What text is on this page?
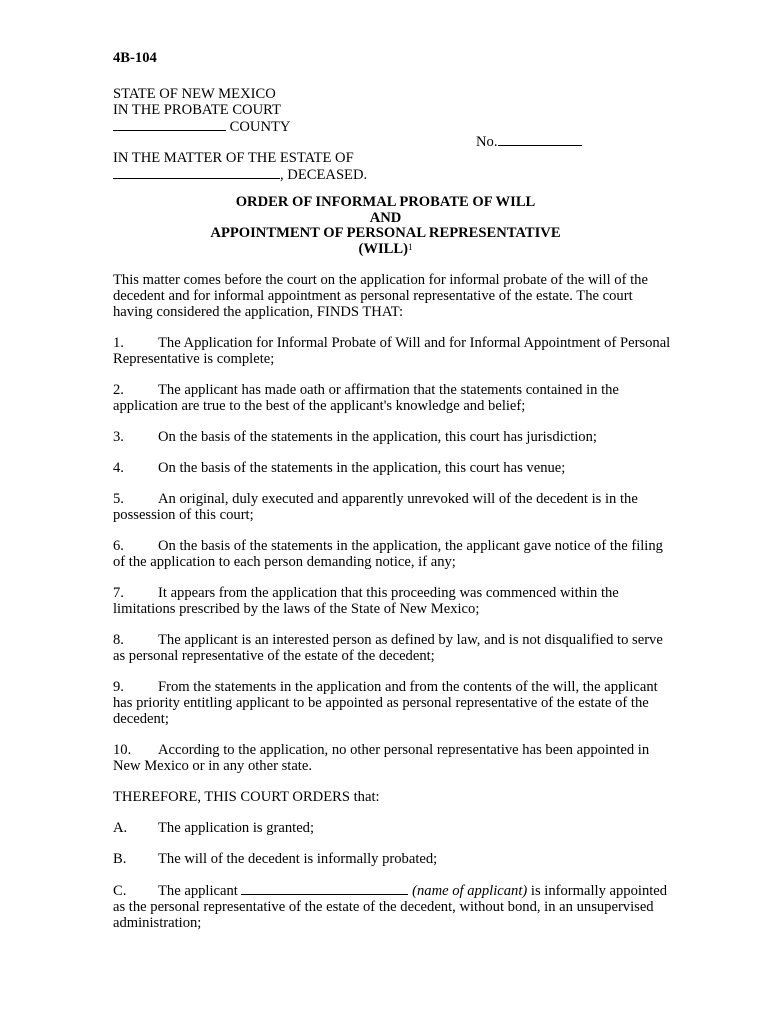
4B-104
STATE OF NEW MEXICO
IN THE PROBATE COURT
COUNTY
No.
IN THE MATTER OF THE ESTATE OF
, DECEASED.
ORDER OF INFORMAL PROBATE OF WILL
AND
APPOINTMENT OF PERSONAL REPRESENTATIVE
(WILL)$^1$

This matter comes before the court on the application for informal probate of the will of the decedent and for informal appointment as personal representative of the estate. The court having considered the application, FINDS THAT:

1. The Application for Informal Probate of Will and for Informal Appointment of Personal Representative is complete;

2. The applicant has made oath or affirmation that the statements contained in the application are true to the best of the applicant's knowledge and belief;

3. On the basis of the statements in the application, this court has jurisdiction;

4. On the basis of the statements in the application, this court has venue;

5. An original, duly executed and apparently unrevoked will of the decedent is in the possession of this court;

6. On the basis of the statements in the application, the applicant gave notice of the filing of the application to each person demanding notice, if any;

7. It appears from the application that this proceeding was commenced within the limitations prescribed by the laws of the State of New Mexico;

8. The applicant is an interested person as defined by law, and is not disqualified to serve as personal representative of the estate of the decedent;

9. From the statements in the application and from the contents of the will, the applicant has priority entitling applicant to be appointed as personal representative of the estate of the decedent;

10. According to the application, no other personal representative has been appointed in New Mexico or in any other state.

THEREFORE, THIS COURT ORDERS that:

A. The application is granted;

B. The will of the decedent is informally probated;

C. The applicant	(name of applicant) is informally appointed as the personal representative of the estate of the decedent, without bond, in an unsupervised administration;
